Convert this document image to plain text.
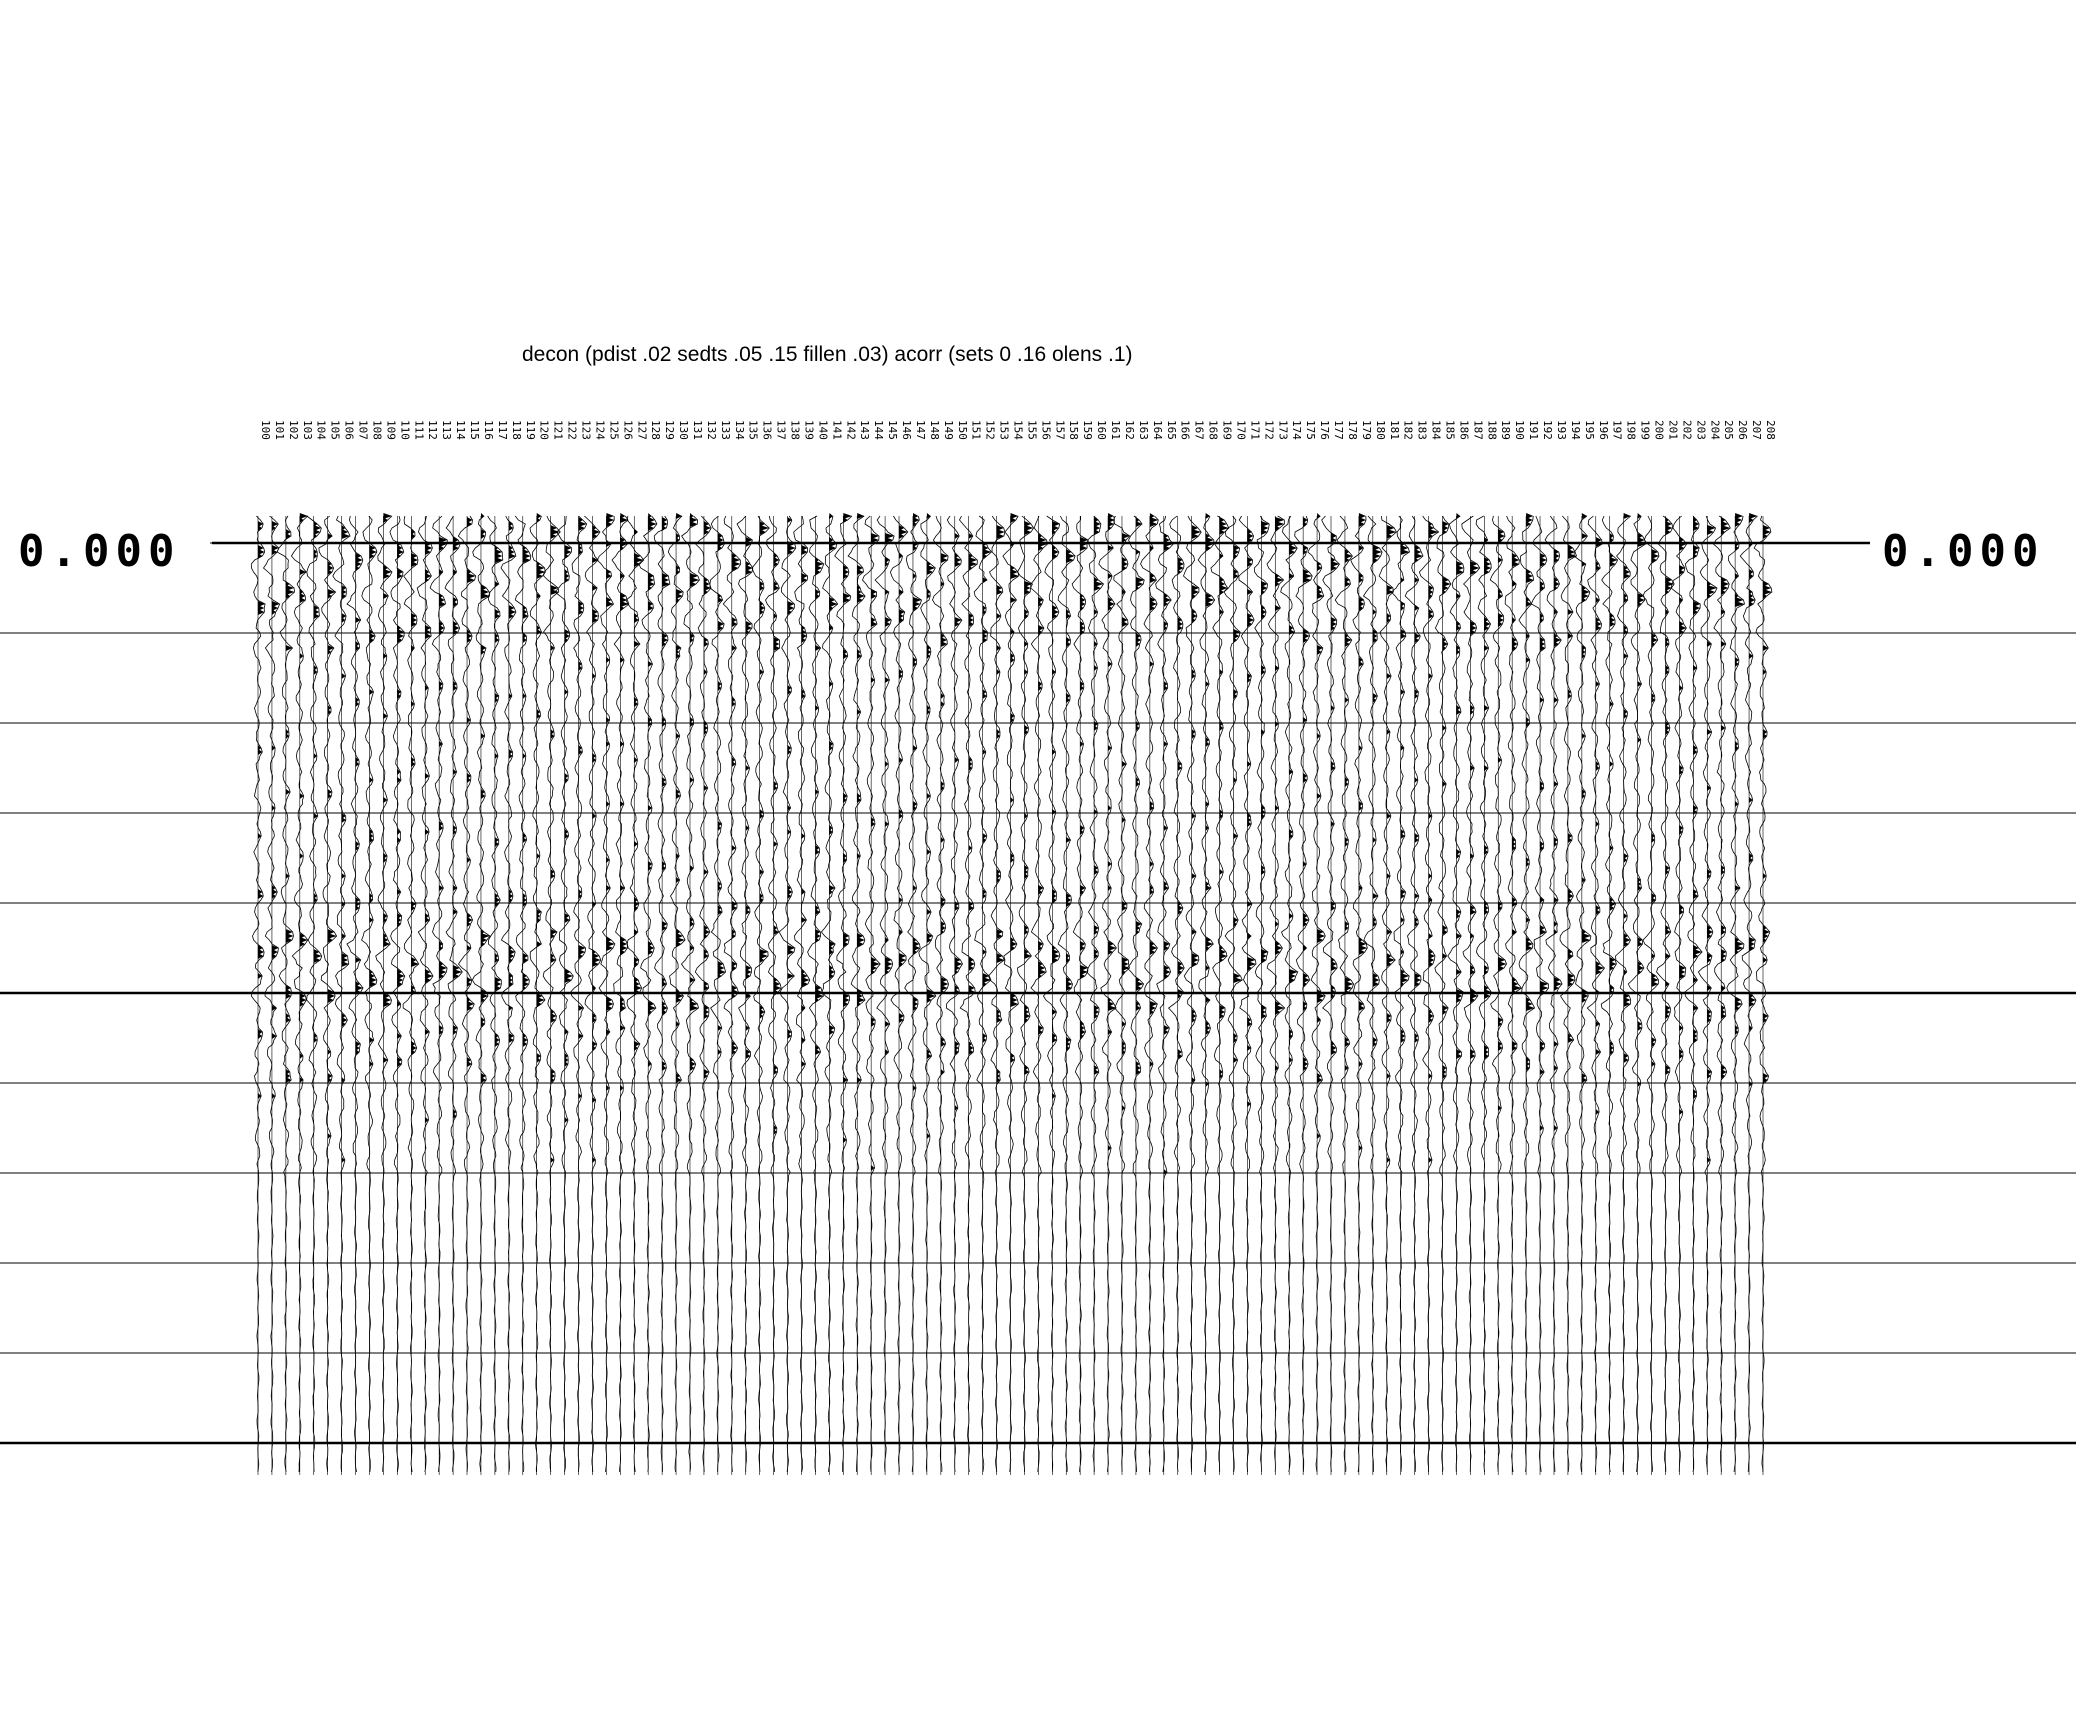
decon (pdist .02 sedts .05 .15 fillen .03) acorr (sets 0 .16 olens .1)
100 101 102 103 104 105 106 107 108 109 110 111 112 113 114 115 116 117 118 119 120 121 122 123 124 125 126 127 128 129 130 131 132 133 134 135 136 137 138 139 140 141 142 143 144 145 146 147 148 149 150 151 152 153 154 155 156 157 158 159 160 161 162 163 164 165 166 167 168 169 170 171 172 173 174 175 176 177 178 179 180 181 182 183 184 185 186 187 188 189 190 191 192 193 194 195 196 197 198 199 200 201 202 203 204 205 206 207 208
0.000	0.000
